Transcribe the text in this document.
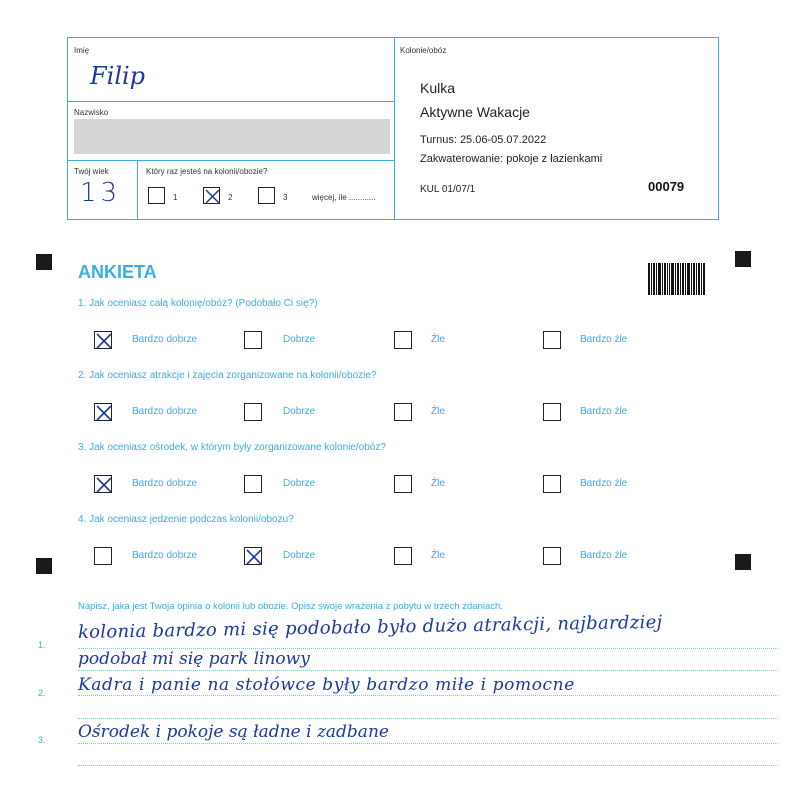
Imię
Filip
Nazwisko
Twój wiek
13
Który raz jesteś na kolonii/obozie?
1	2	3	więcej, ile ............
Kolonie/obóz
Kulka
Aktywne Wakacje
Turnus: 25.06-05.07.2022
Zakwaterowanie: pokoje z łazienkami
KUL 01/07/1	00079
ANKIETA
1. Jak oceniasz całą kolonię/obóz? (Podobało Ci się?)
Bardzo dobrze	Dobrze	Źle	Bardzo źle
2. Jak oceniasz atrakcje i zajęcia zorganizowane na kolonii/obozie?
Bardzo dobrze	Dobrze	Źle	Bardzo źle
3. Jak oceniasz ośrodek, w którym były zorganizowane kolonie/obóz?
Bardzo dobrze	Dobrze	Źle	Bardzo źle
4. Jak oceniasz jedzenie podczas kolonii/obozu?
Bardzo dobrze	Dobrze	Źle	Bardzo źle
Napisz, jaka jest Twoja opinia o kolonii lub obozie. Opisz swoje wrażenia z pobytu w trzech zdaniach.
1.
2.
3.
kolonia bardzo mi się podobało było dużo atrakcji, najbardziej
podobał mi się park linowy
Kadra i panie na stołówce były bardzo miłe i pomocne
Ośrodek i pokoje są ładne i zadbane
